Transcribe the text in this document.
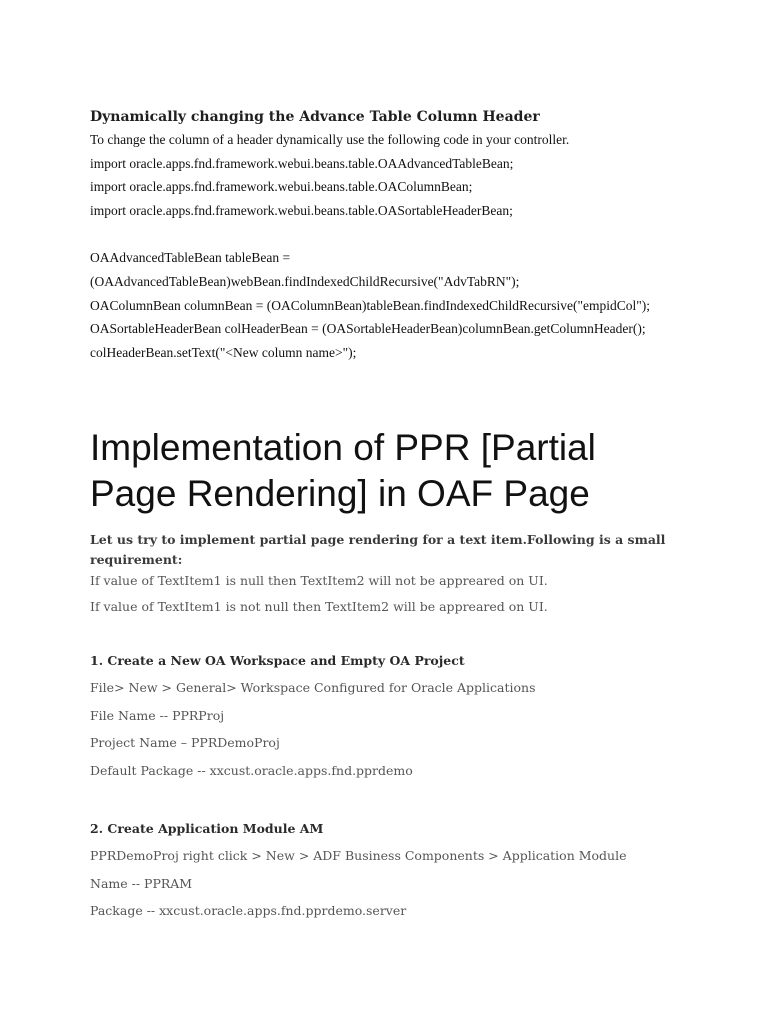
Dynamically changing the Advance Table Column Header

To change the column of a header dynamically use the following code in your controller.

import oracle.apps.fnd.framework.webui.beans.table.OAAdvancedTableBean;

import oracle.apps.fnd.framework.webui.beans.table.OAColumnBean;

import oracle.apps.fnd.framework.webui.beans.table.OASortableHeaderBean;

OAAdvancedTableBean tableBean =

(OAAdvancedTableBean)webBean.findIndexedChildRecursive("AdvTabRN");

OAColumnBean columnBean = (OAColumnBean)tableBean.findIndexedChildRecursive("empidCol");

OASortableHeaderBean colHeaderBean = (OASortableHeaderBean)columnBean.getColumnHeader();

colHeaderBean.setText("<New column name>");

Implementation of PPR [Partial
Page Rendering] in OAF Page

Let us try to implement partial page rendering for a text item.Following is a small

requirement:

If value of TextItem1 is null then TextItem2 will not be appreared on UI.

If value of TextItem1 is not null then TextItem2 will be appreared on UI.

1. Create a New OA Workspace and Empty OA Project

File> New > General> Workspace Configured for Oracle Applications

File Name -- PPRProj

Project Name – PPRDemoProj

Default Package -- xxcust.oracle.apps.fnd.pprdemo

2. Create Application Module AM

PPRDemoProj right click > New > ADF Business Components > Application Module

Name -- PPRAM

Package -- xxcust.oracle.apps.fnd.pprdemo.server
